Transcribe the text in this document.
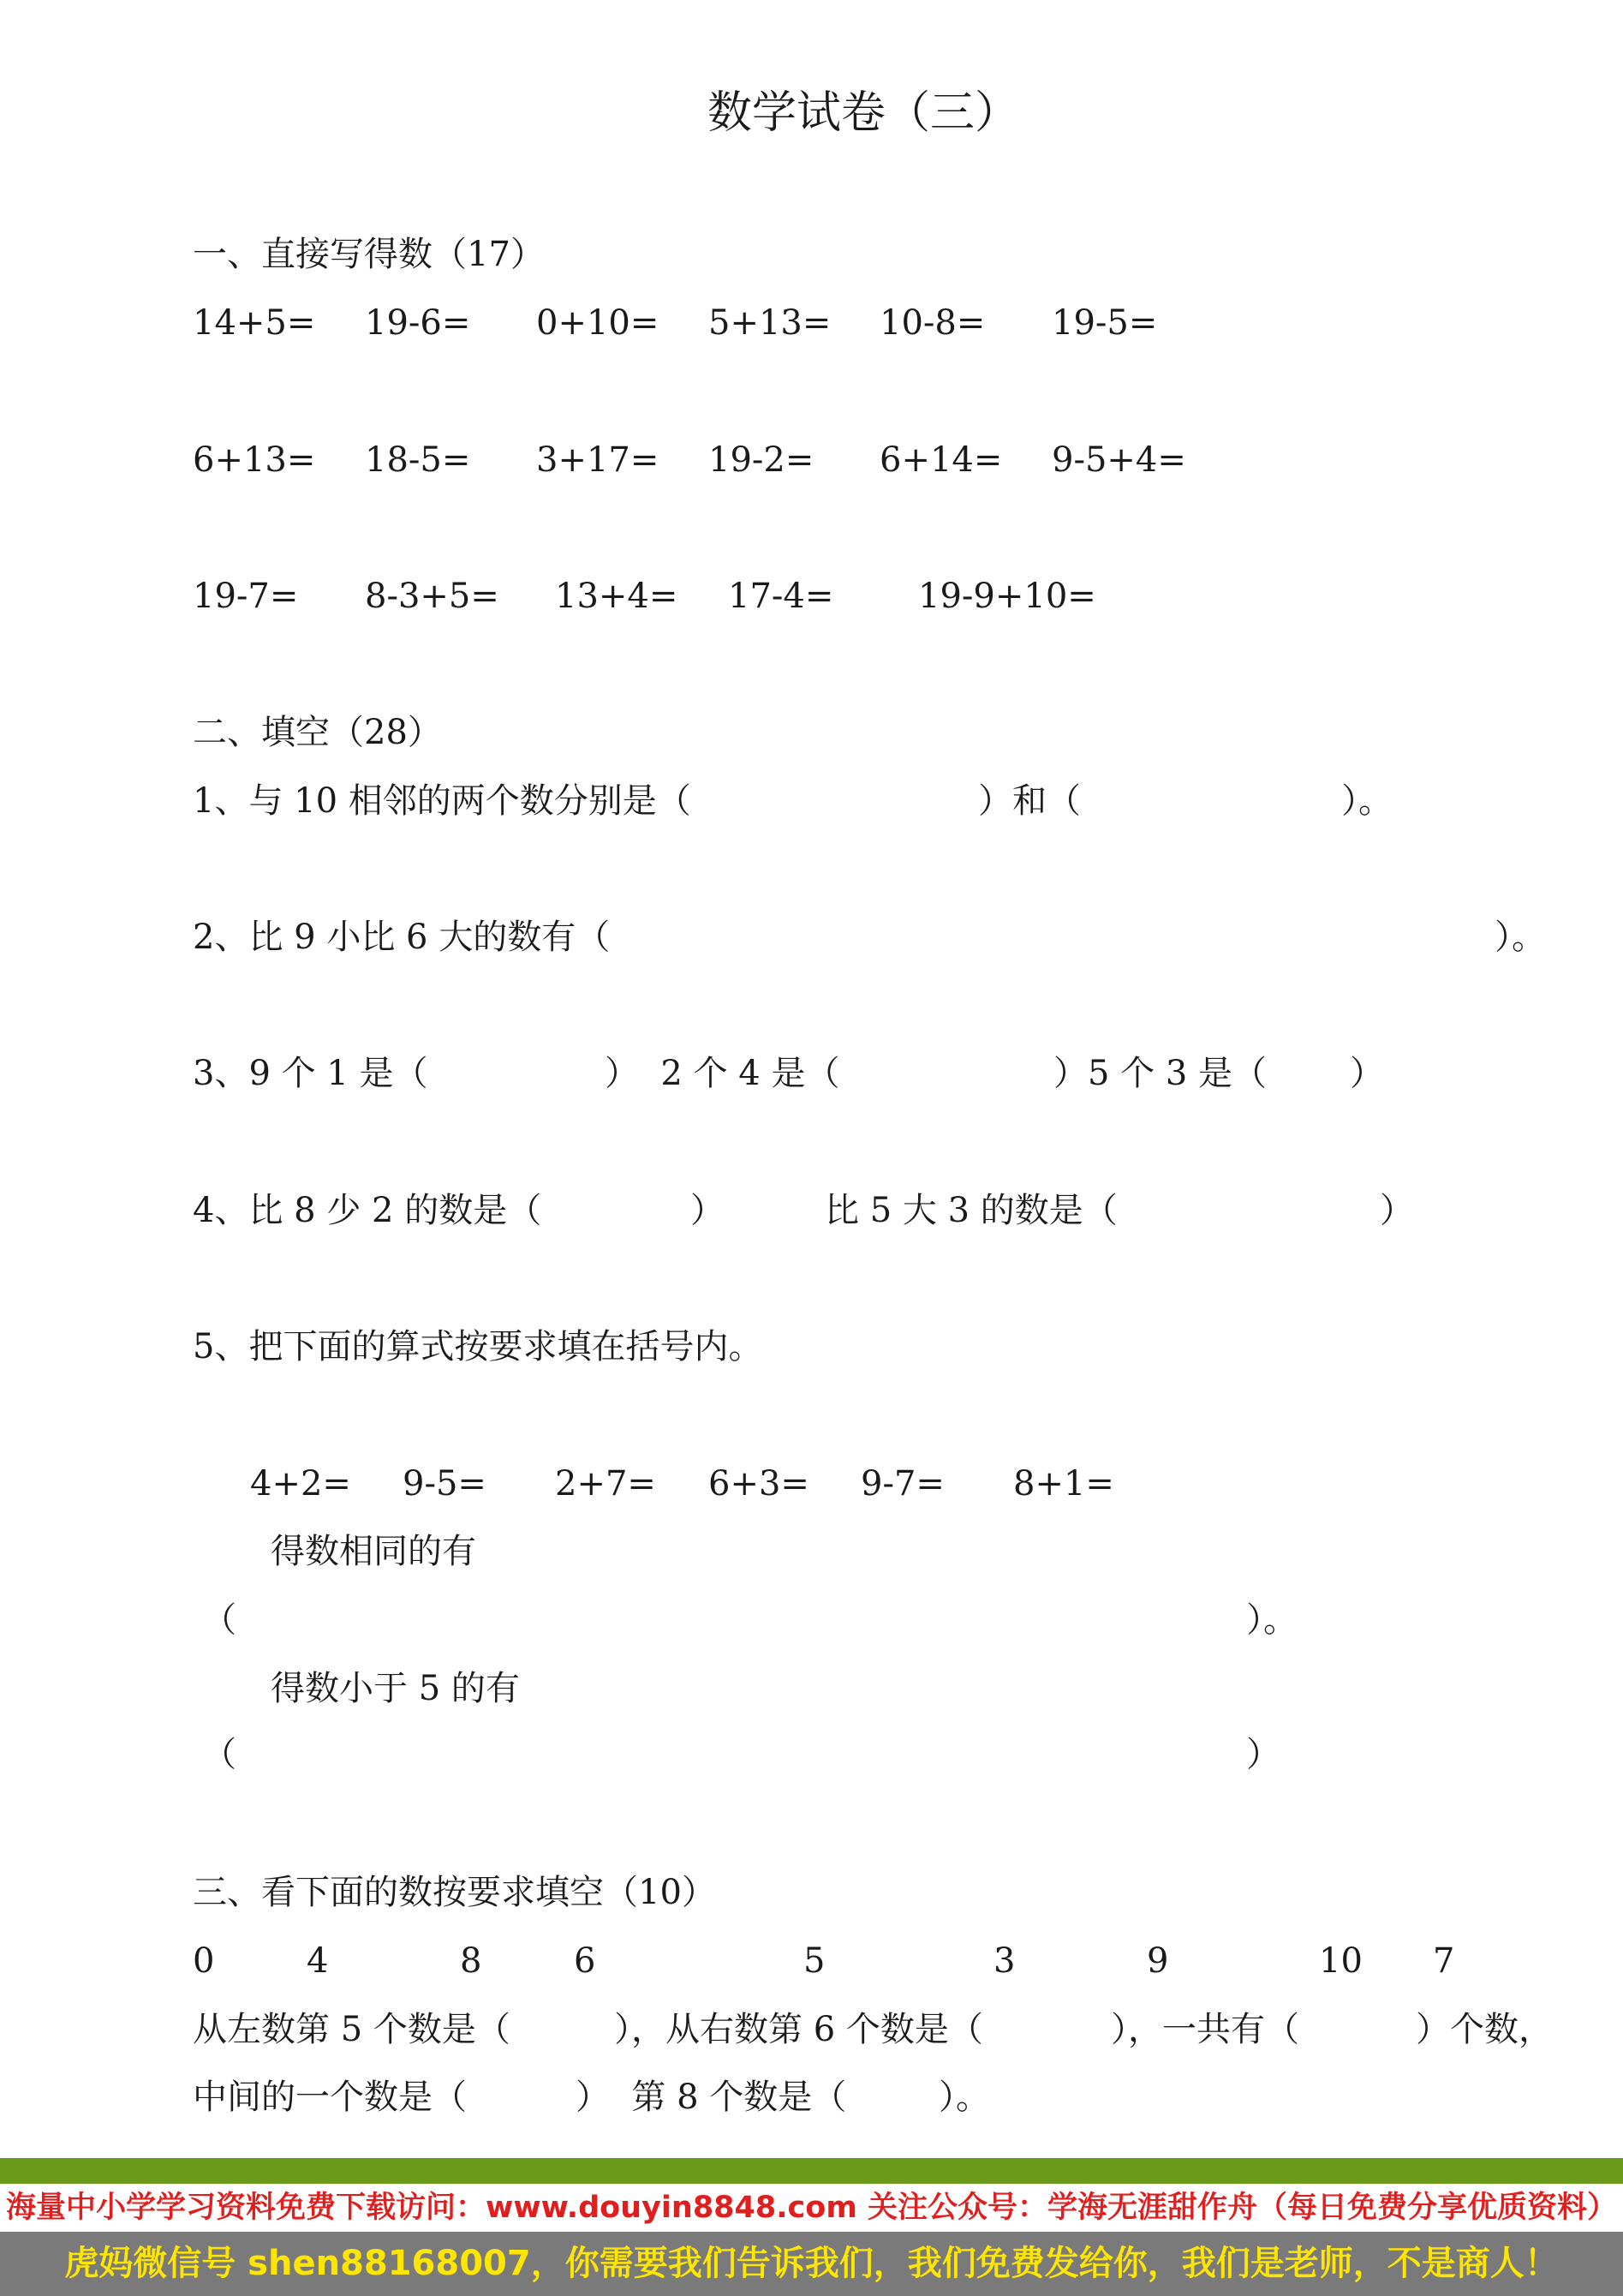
数学试卷（三）
一、直接写得数（17）
14+5= 19-6= 0+10= 5+13= 10-8= 19-5=
6+13= 18-5= 3+17= 19-2= 6+14= 9-5+4=
19-7= 8-3+5= 13+4= 17-4= 19-9+10=
二、填空（28）
1、与 10 相邻的两个数分别是（	）和（	）。
2、比 9 小比 6 大的数有（	）。
3、9 个 1 是（	）  2 个 4 是（	）5 个 3 是（ ）
4、比 8 少 2 的数是（	）	比 5 大 3 的数是（	）
5、把下面的算式按要求填在括号内。
4+2= 9-5= 2+7= 6+3= 9-7= 8+1=
得数相同的有
（	）。
得数小于 5 的有
（	）
三、看下面的数按要求填空（10）
0	4	8	6	5	3	9	10 7
从左数第 5 个数是（	），从右数第 6 个数是（	），一共有（	）个数，
中间的一个数是（	）  第 8 个数是（	）。
海量中小学学习资料免费下载访问：www.douyin8848.com 关注公众号：学海无涯甜作舟（每日免费分享优质资料）
虎妈微信号 shen88168007，你需要我们告诉我们，我们免费发给你，我们是老师，不是商人！
